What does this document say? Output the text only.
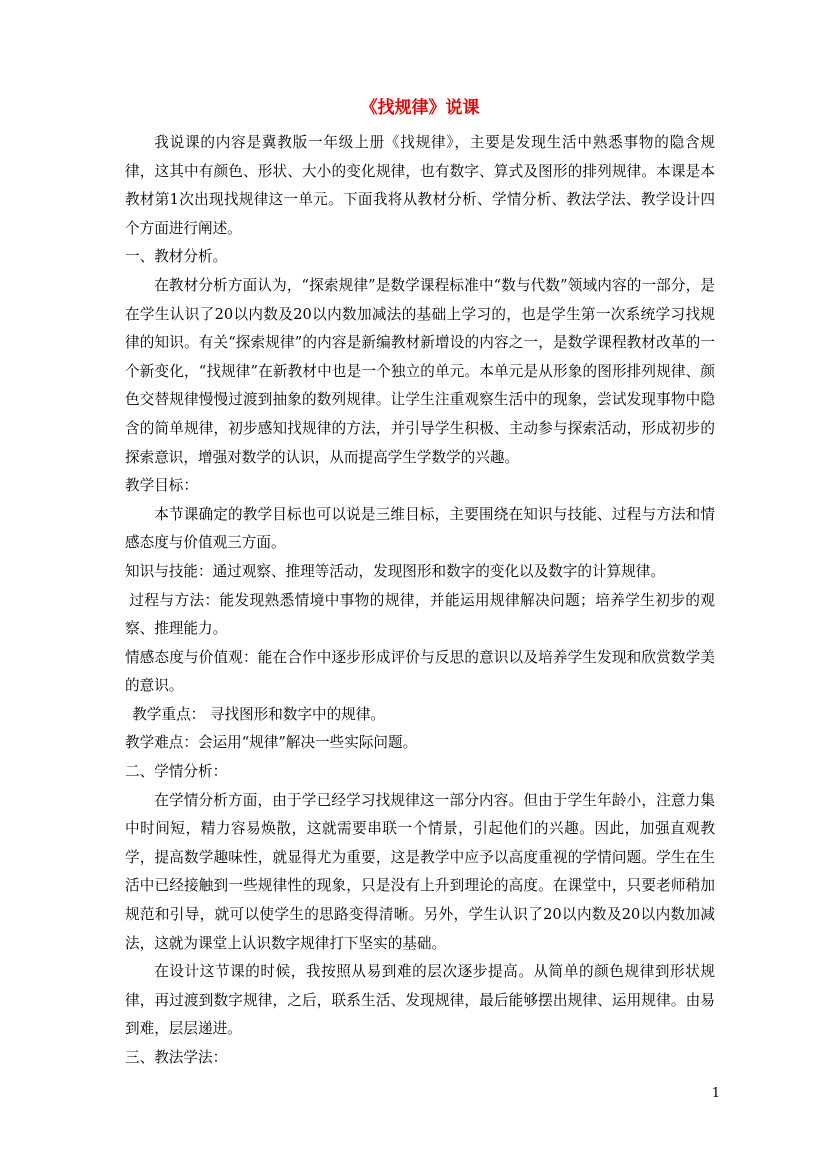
《找规律》说课

我说课的内容是冀教版一年级上册《找规律》，主要是发现生活中熟悉事物的隐含规律，这其中有颜色、形状、大小的变化规律，也有数字、算式及图形的排列规律。本课是本教材第1次出现找规律这一单元。下面我将从教材分析、学情分析、教法学法、教学设计四个方面进行阐述。

一、教材分析。

在教材分析方面认为，“探索规律”是数学课程标准中“数与代数”领域内容的一部分，是在学生认识了20以内数及20以内数加减法的基础上学习的，也是学生第一次系统学习找规律的知识。有关“探索规律”的内容是新编教材新增设的内容之一，是数学课程教材改革的一个新变化，“找规律”在新教材中也是一个独立的单元。本单元是从形象的图形排列规律、颜色交替规律慢慢过渡到抽象的数列规律。让学生注重观察生活中的现象，尝试发现事物中隐含的简单规律，初步感知找规律的方法，并引导学生积极、主动参与探索活动，形成初步的探索意识，增强对数学的认识，从而提高学生学数学的兴趣。

教学目标：

本节课确定的教学目标也可以说是三维目标，主要围绕在知识与技能、过程与方法和情感态度与价值观三方面。

知识与技能：通过观察、推理等活动，发现图形和数字的变化以及数字的计算规律。

过程与方法：能发现熟悉情境中事物的规律，并能运用规律解决问题；培养学生初步的观察、推理能力。

情感态度与价值观：能在合作中逐步形成评价与反思的意识以及培养学生发现和欣赏数学美的意识。

教学重点： 寻找图形和数字中的规律。

教学难点：会运用“规律”解决一些实际问题。

二、学情分析：

在学情分析方面，由于学已经学习找规律这一部分内容。但由于学生年龄小，注意力集中时间短，精力容易焕散，这就需要串联一个情景，引起他们的兴趣。因此，加强直观教学，提高数学趣味性，就显得尤为重要，这是教学中应予以高度重视的学情问题。学生在生活中已经接触到一些规律性的现象，只是没有上升到理论的高度。在课堂中，只要老师稍加规范和引导，就可以使学生的思路变得清晰。另外，学生认识了20以内数及20以内数加减法，这就为课堂上认识数字规律打下坚实的基础。

在设计这节课的时候，我按照从易到难的层次逐步提高。从简单的颜色规律到形状规律，再过渡到数字规律，之后，联系生活、发现规律，最后能够摆出规律、运用规律。由易到难，层层递进。

三、教法学法：

1
